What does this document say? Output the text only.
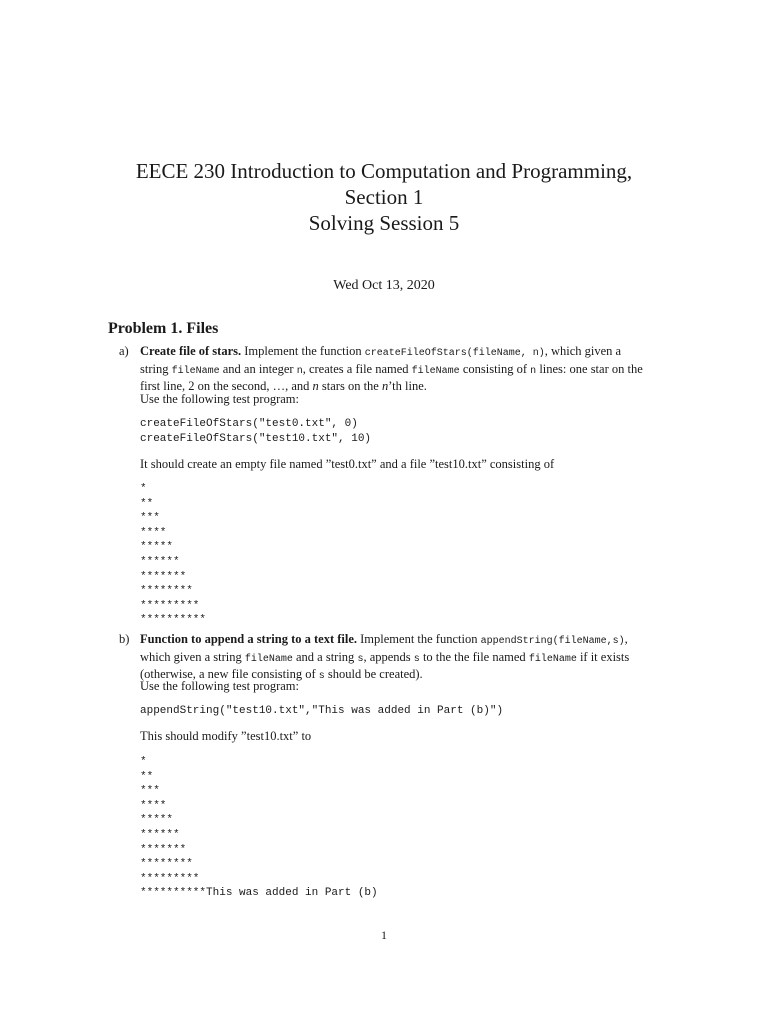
EECE 230 Introduction to Computation and Programming,
Section 1
Solving Session 5
Wed Oct 13, 2020
Problem 1. Files
a) Create file of stars. Implement the function createFileOfStars(fileName, n), which given a
string fileName and an integer n, creates a file named fileName consisting of n lines: one star on the
first line, 2 on the second, …, and n stars on the n’th line.
Use the following test program:
createFileOfStars("test0.txt", 0)
createFileOfStars("test10.txt", 10)
It should create an empty file named ”test0.txt” and a file ”test10.txt” consisting of
*
**
***
****
*****
******
*******
********
*********
**********
b) Function to append a string to a text file. Implement the function appendString(fileName,s),
which given a string fileName and a string s, appends s to the the file named fileName if it exists
(otherwise, a new file consisting of s should be created).
Use the following test program:
appendString("test10.txt","This was added in Part (b)")
This should modify ”test10.txt” to
*
**
***
****
*****
******
*******
********
*********
**********This was added in Part (b)
1
